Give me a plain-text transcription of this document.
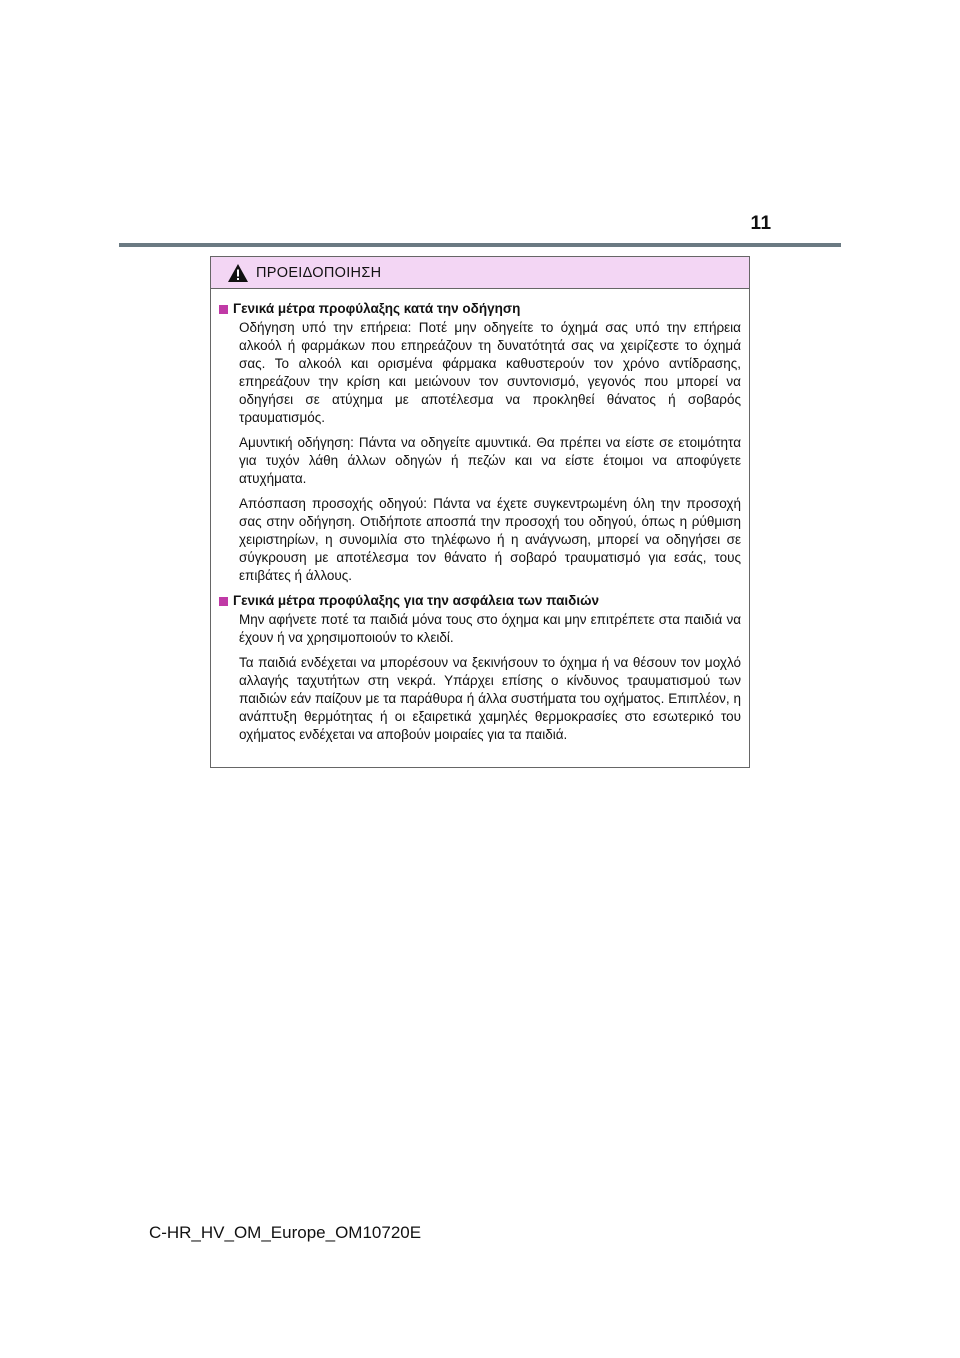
11
ΠΡΟΕΙΔΟΠΟΙΗΣΗ
Γενικά μέτρα προφύλαξης κατά την οδήγηση

Οδήγηση υπό την επήρεια: Ποτέ μην οδηγείτε το όχημά σας υπό την επήρεια αλκοόλ ή φαρμάκων που επηρεάζουν τη δυνατότητά σας να χειρίζεστε το όχημά σας. Το αλκοόλ και ορισμένα φάρμακα καθυστερούν τον χρόνο αντίδρασης, επηρεάζουν την κρίση και μειώνουν τον συντονισμό, γεγονός που μπορεί να οδηγήσει σε ατύχημα με αποτέλεσμα να προκληθεί θάνατος ή σοβαρός τραυματισμός.

Αμυντική οδήγηση: Πάντα να οδηγείτε αμυντικά. Θα πρέπει να είστε σε ετοιμότητα για τυχόν λάθη άλλων οδηγών ή πεζών και να είστε έτοιμοι να αποφύγετε ατυχήματα.

Απόσπαση προσοχής οδηγού: Πάντα να έχετε συγκεντρωμένη όλη την προσοχή σας στην οδήγηση. Οτιδήποτε αποσπά την προσοχή του οδηγού, όπως η ρύθμιση χειριστηρίων, η συνομιλία στο τηλέφωνο ή η ανάγνωση, μπορεί να οδηγήσει σε σύγκρουση με αποτέλεσμα τον θάνατο ή σοβαρό τραυματισμό για εσάς, τους επιβάτες ή άλλους.

Γενικά μέτρα προφύλαξης για την ασφάλεια των παιδιών

Μην αφήνετε ποτέ τα παιδιά μόνα τους στο όχημα και μην επιτρέπετε στα παιδιά να έχουν ή να χρησιμοποιούν το κλειδί.

Τα παιδιά ενδέχεται να μπορέσουν να ξεκινήσουν το όχημα ή να θέσουν τον μοχλό αλλαγής ταχυτήτων στη νεκρά. Υπάρχει επίσης ο κίνδυνος τραυματισμού των παιδιών εάν παίζουν με τα παράθυρα ή άλλα συστήματα του οχήματος. Επιπλέον, η ανάπτυξη θερμότητας ή οι εξαιρετικά χαμηλές θερμοκρασίες στο εσωτερικό του οχήματος ενδέχεται να αποβούν μοιραίες για τα παιδιά.

C-HR_HV_OM_Europe_OM10720E
